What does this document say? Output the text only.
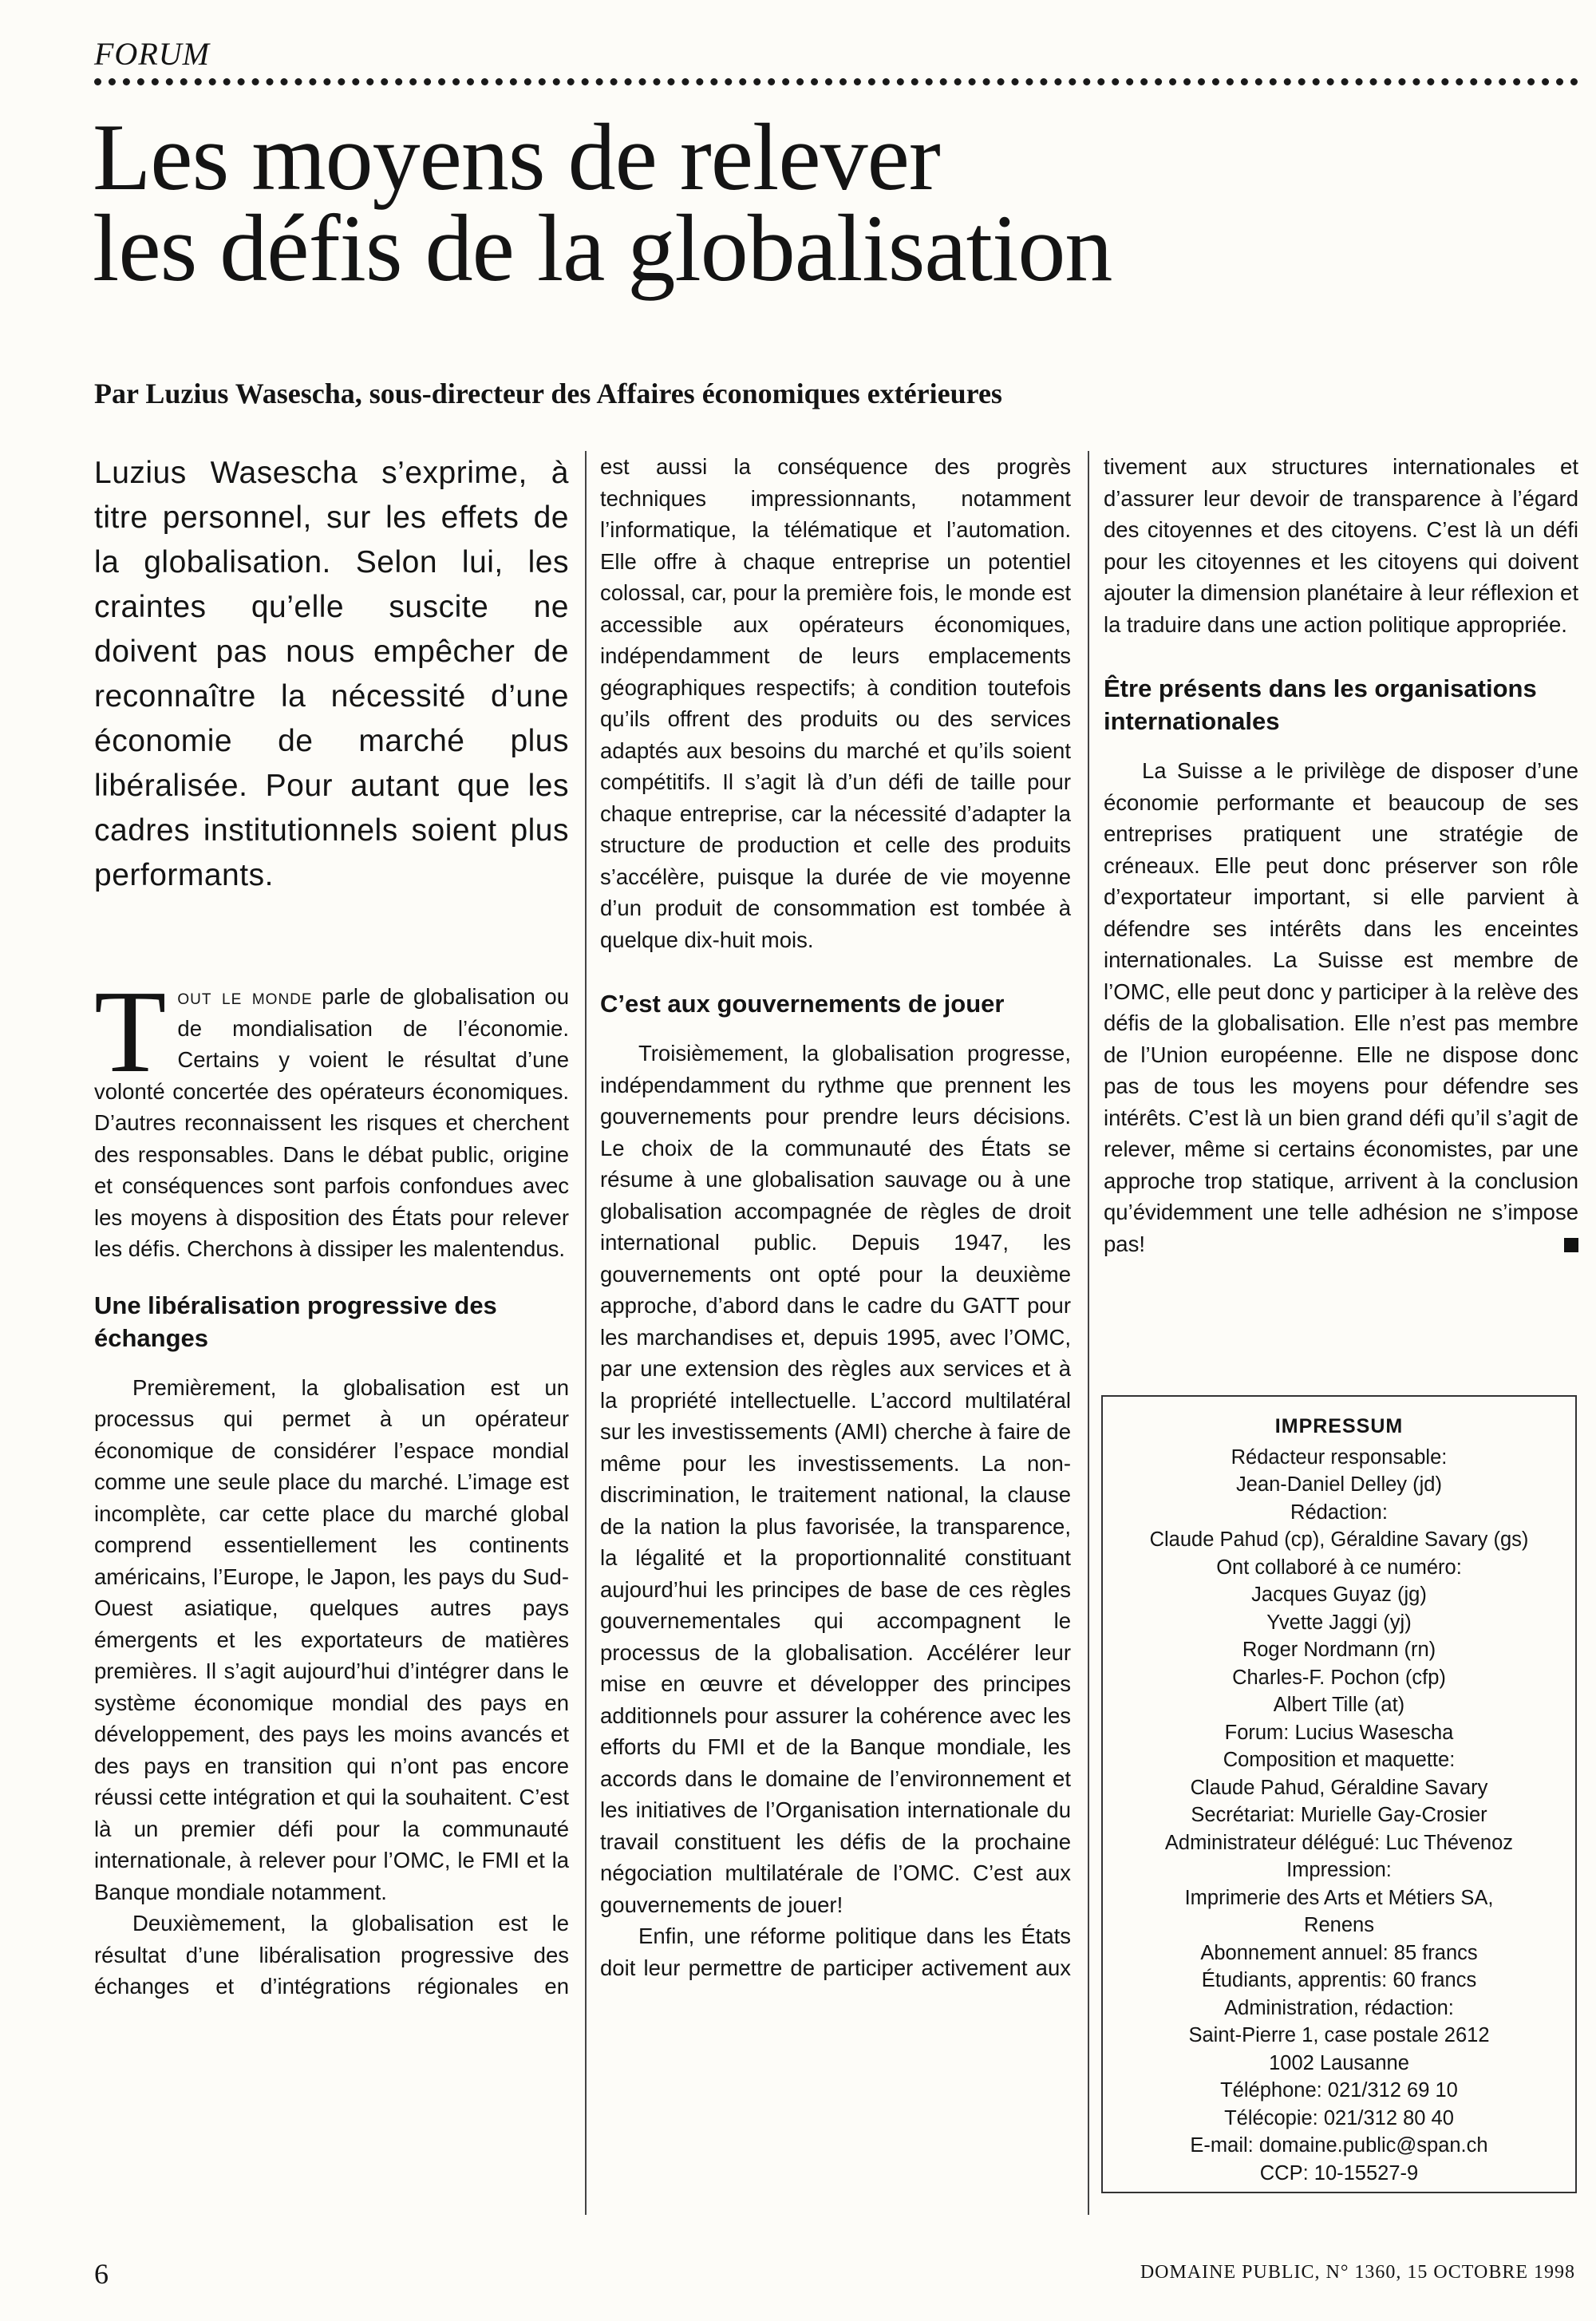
FORUM
Les moyens de relever
les défis de la globalisation
Par Luzius Wasescha, sous-directeur des Affaires économiques extérieures

Luzius Wasescha s’exprime, à titre personnel, sur les effets de la globalisation. Selon lui, les craintes qu’elle suscite ne doivent pas nous empêcher de reconnaître la nécessité d’une économie de marché plus libéralisée. Pour autant que les cadres institutionnels soient plus performants.

Tout le monde parle de globalisation ou de mondialisation de l’économie. Certains y voient le résultat d’une volonté concertée des opérateurs économiques. D’autres reconnaissent les risques et cherchent des responsables. Dans le débat public, origine et conséquences sont parfois confondues avec les moyens à disposition des États pour relever les défis. Cherchons à dissiper les malentendus.

Une libéralisation progressive des échanges

Premièrement, la globalisation est un processus qui permet à un opérateur économique de considérer l’espace mondial comme une seule place du marché. L’image est incomplète, car cette place du marché global comprend essentiellement les continents américains, l’Europe, le Japon, les pays du Sud-Ouest asiatique, quelques autres pays émergents et les exportateurs de matières premières. Il s’agit aujourd’hui d’intégrer dans le système économique mondial des pays en développement, des pays les moins avancés et des pays en transition qui n’ont pas encore réussi cette intégration et qui la souhaitent. C’est là un premier défi pour la communauté internationale, à relever pour l’OMC, le FMI et la Banque mondiale notamment.

Deuxièmement, la globalisation est le résultat d’une libéralisation progressive des échanges et d’intégrations régionales en

est aussi la conséquence des progrès techniques impressionnants, notamment l’informatique, la télématique et l’automation. Elle offre à chaque entreprise un potentiel colossal, car, pour la première fois, le monde est accessible aux opérateurs économiques, indépendamment de leurs emplacements géographiques respectifs; à condition toutefois qu’ils offrent des produits ou des services adaptés aux besoins du marché et qu’ils soient compétitifs. Il s’agit là d’un défi de taille pour chaque entreprise, car la nécessité d’adapter la structure de production et celle des produits s’accélère, puisque la durée de vie moyenne d’un produit de consommation est tombée à quelque dix-huit mois.

C’est aux gouvernements de jouer

Troisièmement, la globalisation progresse, indépendamment du rythme que prennent les gouvernements pour prendre leurs décisions. Le choix de la communauté des États se résume à une globalisation sauvage ou à une globalisation accompagnée de règles de droit international public. Depuis 1947, les gouvernements ont opté pour la deuxième approche, d’abord dans le cadre du GATT pour les marchandises et, depuis 1995, avec l’OMC, par une extension des règles aux services et à la propriété intellectuelle. L’accord multilatéral sur les investissements (AMI) cherche à faire de même pour les investissements. La non-discrimination, le traitement national, la clause de la nation la plus favorisée, la transparence, la légalité et la proportionnalité constituant aujourd’hui les principes de base de ces règles gouvernementales qui accompagnent le processus de la globalisation. Accélérer leur mise en œuvre et développer des principes additionnels pour assurer la cohérence avec les efforts du FMI et de la Banque mondiale, les accords dans le domaine de l’environnement et les initiatives de l’Organisation internationale du travail constituent les défis de la prochaine négociation multilatérale de l’OMC. C’est aux gouvernements de jouer!

Enfin, une réforme politique dans les États doit leur permettre de participer activement aux

tivement aux structures internationales et d’assurer leur devoir de transparence à l’égard des citoyennes et des citoyens. C’est là un défi pour les citoyennes et les citoyens qui doivent ajouter la dimension planétaire à leur réflexion et la traduire dans une action politique appropriée.

Être présents dans les organisations internationales

La Suisse a le privilège de disposer d’une économie performante et beaucoup de ses entreprises pratiquent une stratégie de créneaux. Elle peut donc préserver son rôle d’exportateur important, si elle parvient à défendre ses intérêts dans les enceintes internationales. La Suisse est membre de l’OMC, elle peut donc y participer à la relève des défis de la globalisation. Elle n’est pas membre de l’Union européenne. Elle ne dispose donc pas de tous les moyens pour défendre ses intérêts. C’est là un bien grand défi qu’il s’agit de relever, même si certains économistes, par une approche trop statique, arrivent à la conclusion qu’évidemment une telle adhésion ne s’impose pas!

IMPRESSUM
Rédacteur responsable:
Jean-Daniel Delley (jd)
Rédaction:
Claude Pahud (cp), Géraldine Savary (gs)
Ont collaboré à ce numéro:
Jacques Guyaz (jg)
Yvette Jaggi (yj)
Roger Nordmann (rn)
Charles-F. Pochon (cfp)
Albert Tille (at)
Forum: Lucius Wasescha
Composition et maquette:
Claude Pahud, Géraldine Savary
Secrétariat: Murielle Gay-Crosier
Administrateur délégué: Luc Thévenoz
Impression:
Imprimerie des Arts et Métiers SA,
Renens
Abonnement annuel: 85 francs
Étudiants, apprentis: 60 francs
Administration, rédaction:
Saint-Pierre 1, case postale 2612
1002 Lausanne
Téléphone: 021/312 69 10
Télécopie: 021/312 80 40
E-mail: domaine.public@span.ch
CCP: 10-15527-9
6	DOMAINE PUBLIC, N° 1360, 15 OCTOBRE 1998
